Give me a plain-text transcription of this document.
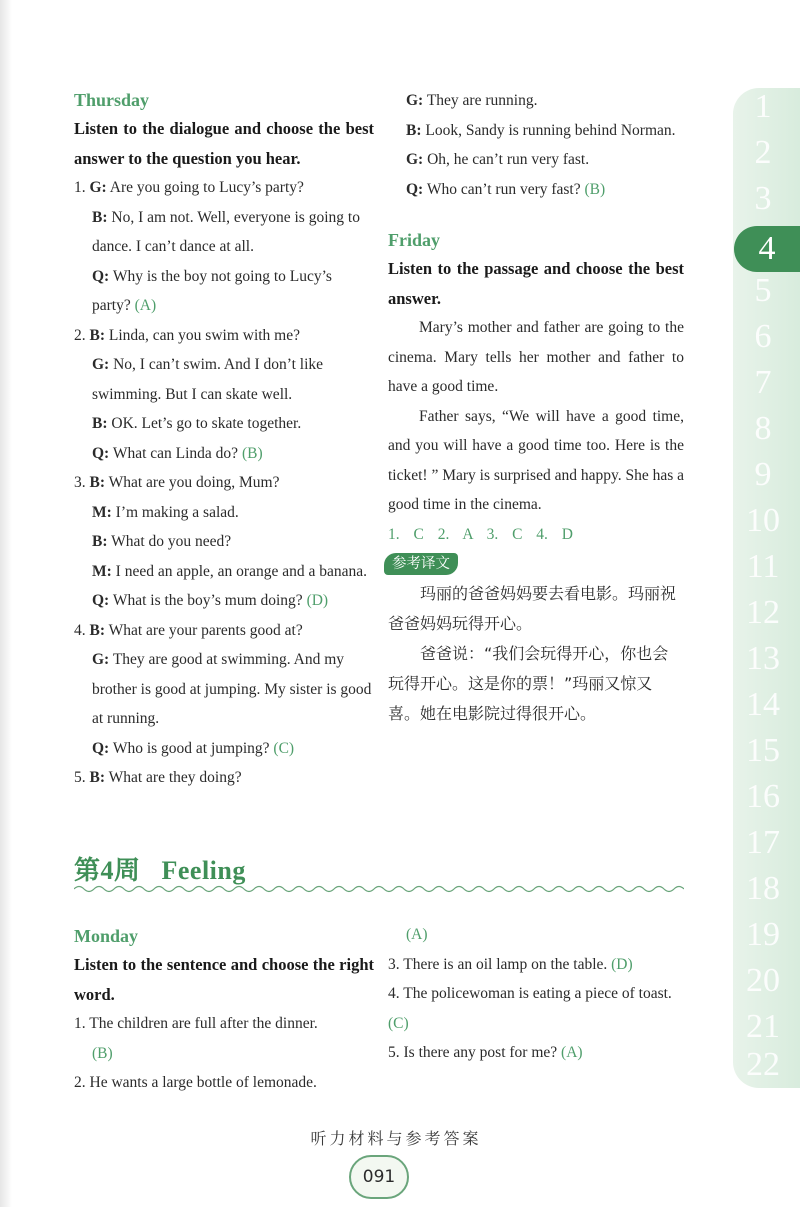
Thursday
Listen to the dialogue and choose the best answer to the question you hear.
1. G: Are you going to Lucy’s party?
B: No, I am not. Well, everyone is going to dance. I can’t dance at all.
Q: Why is the boy not going to Lucy’s party? (A)
2. B: Linda, can you swim with me?
G: No, I can’t swim. And I don’t like swimming. But I can skate well.
B: OK. Let’s go to skate together.
Q: What can Linda do? (B)
3. B: What are you doing, Mum?
M: I’m making a salad.
B: What do you need?
M: I need an apple, an orange and a banana.
Q: What is the boy’s mum doing? (D)
4. B: What are your parents good at?
G: They are good at swimming. And my brother is good at jumping. My sister is good at running.
Q: Who is good at jumping? (C)
5. B: What are they doing?
G: They are running.
B: Look, Sandy is running behind Norman.
G: Oh, he can’t run very fast.
Q: Who can’t run very fast? (B)
Friday
Listen to the passage and choose the best answer.
Mary’s mother and father are going to the cinema. Mary tells her mother and father to have a good time.
Father says, “We will have a good time, and you will have a good time too. Here is the ticket! ” Mary is surprised and happy. She has a good time in the cinema.
1. C 2. A 3. C 4. D
参考译文
玛丽的爸爸妈妈要去看电影。玛丽祝爸爸妈妈玩得开心。
爸爸说：“我们会玩得开心，你也会玩得开心。这是你的票！”玛丽又惊又喜。她在电影院过得很开心。
第4周   Feeling
Monday
Listen to the sentence and choose the right word.
1. The children are full after the dinner.
(B)
2. He wants a large bottle of lemonade.
(A)
3. There is an oil lamp on the table. (D)
4. The policewoman is eating a piece of toast. (C)
5. Is there any post for me? (A)
1
2
3
5
6
7
8
9
10
11
12
13
14
15
16
17
18
19
20
21
22
4
听力材料与参考答案
091
